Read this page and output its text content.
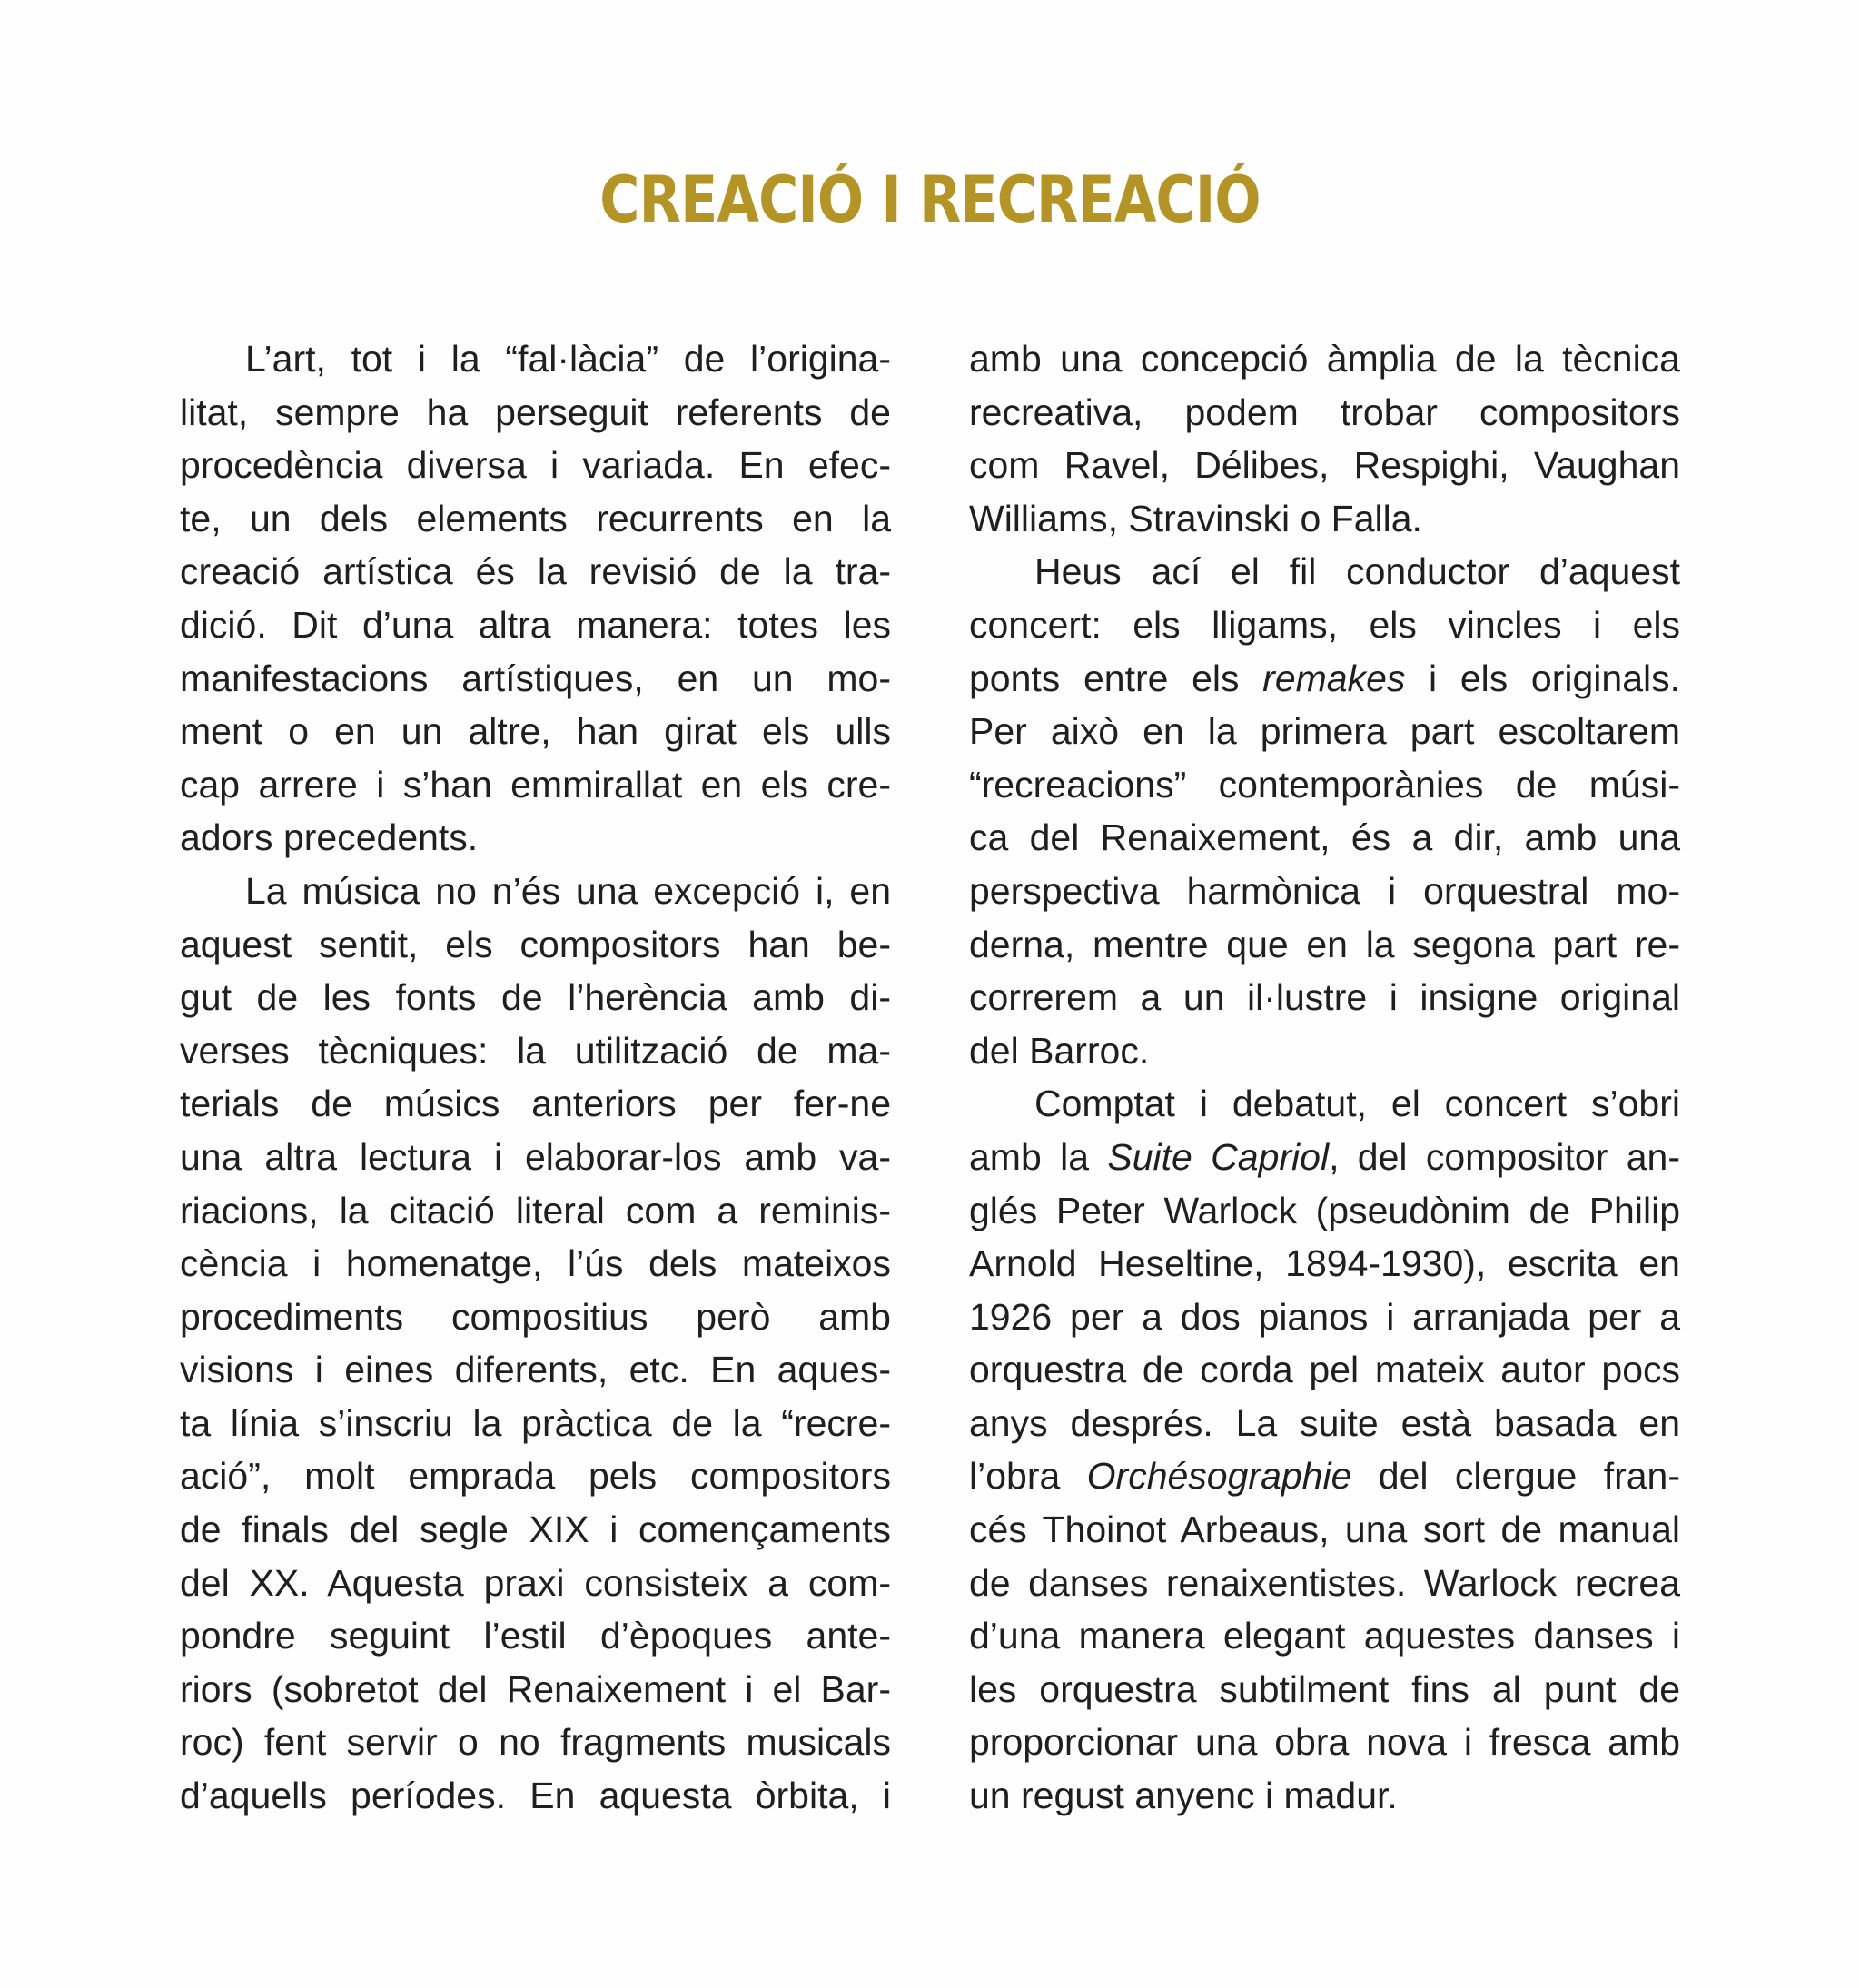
CREACIÓ I RECREACIÓ
L’art, tot i la “fal·làcia” de l’origina-
litat, sempre ha perseguit referents de
procedència diversa i variada. En efec-
te, un dels elements recurrents en la
creació artística és la revisió de la tra-
dició. Dit d’una altra manera: totes les
manifestacions artístiques, en un mo-
ment o en un altre, han girat els ulls
cap arrere i s’han emmirallat en els cre-
adors precedents.
La música no n’és una excepció i, en
aquest sentit, els compositors han be-
gut de les fonts de l’herència amb di-
verses tècniques: la utilització de ma-
terials de músics anteriors per fer-ne
una altra lectura i elaborar-los amb va-
riacions, la citació literal com a reminis-
cència i homenatge, l’ús dels mateixos
procediments compositius però amb
visions i eines diferents, etc. En aques-
ta línia s’inscriu la pràctica de la “recre-
ació”, molt emprada pels compositors
de finals del segle XIX i començaments
del XX. Aquesta praxi consisteix a com-
pondre seguint l’estil d’èpoques ante-
riors (sobretot del Renaixement i el Bar-
roc) fent servir o no fragments musicals
d’aquells períodes. En aquesta òrbita, i
amb una concepció àmplia de la tècnica
recreativa, podem trobar compositors
com Ravel, Délibes, Respighi, Vaughan
Williams, Stravinski o Falla.
Heus ací el fil conductor d’aquest
concert: els lligams, els vincles i els
ponts entre els remakes i els originals.
Per això en la primera part escoltarem
“recreacions” contemporànies de músi-
ca del Renaixement, és a dir, amb una
perspectiva harmònica i orquestral mo-
derna, mentre que en la segona part re-
correrem a un il·lustre i insigne original
del Barroc.
Comptat i debatut, el concert s’obri
amb la Suite Capriol, del compositor an-
glés Peter Warlock (pseudònim de Philip
Arnold Heseltine, 1894-1930), escrita en
1926 per a dos pianos i arranjada per a
orquestra de corda pel mateix autor pocs
anys després. La suite està basada en
l’obra Orchésographie del clergue fran-
cés Thoinot Arbeaus, una sort de manual
de danses renaixentistes. Warlock recrea
d’una manera elegant aquestes danses i
les orquestra subtilment fins al punt de
proporcionar una obra nova i fresca amb
un regust anyenc i madur.
